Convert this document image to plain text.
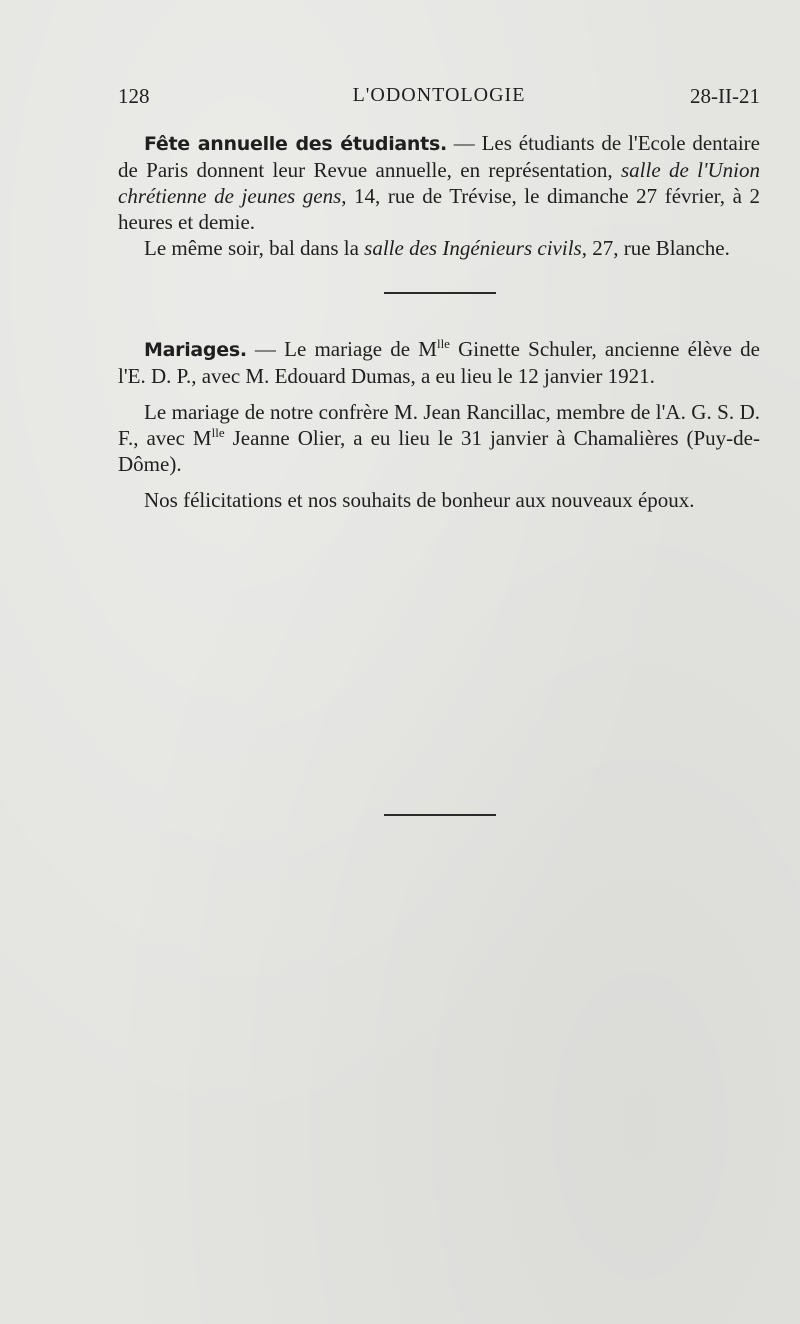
128	L'ODONTOLOGIE	28-II-21

Fête annuelle des étudiants. — Les étudiants de l'Ecole dentaire de Paris donnent leur Revue annuelle, en représentation, salle de l'Union chrétienne de jeunes gens, 14, rue de Trévise, le dimanche 27 février, à 2 heures et demie.

Le même soir, bal dans la salle des Ingénieurs civils, 27, rue Blanche.

Mariages. — Le mariage de $M^{lle}$ Ginette Schuler, ancienne élève de l'E. D. P., avec M. Edouard Dumas, a eu lieu le 12 janvier 1921.

Le mariage de notre confrère M. Jean Rancillac, membre de l'A. G. S. D. F., avec $M^{lle}$ Jeanne Olier, a eu lieu le 31 janvier à Chamalières (Puy-de-Dôme).

Nos félicitations et nos souhaits de bonheur aux nouveaux époux.
